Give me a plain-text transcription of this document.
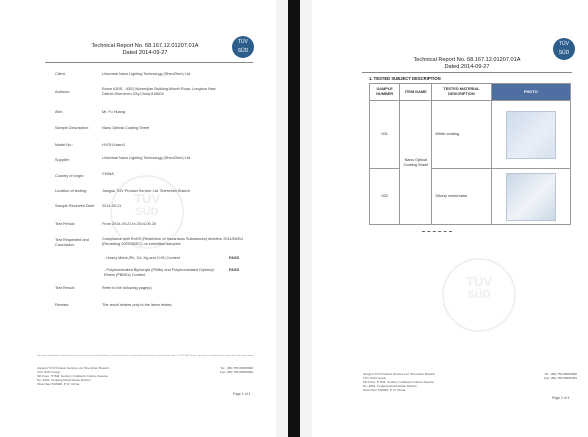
Technical Report No. 68.167.12.01207.01A
Dated 2014-09-27
TÜV
SÜD
TÜV
SÜD
Client:	Universal Nano Lighting Technology (ShenZhen) Ltd.
Address:
Room A305、A302,Nuisenjian Building,Minzhi Road, Longhua New District,Shenzhen City,China,518000
Attn:	Mr. Fu Huang
Sample Description:	Nano Optical Coating Sheet
Model No.:	HYGH-Nano1
Supplier:	Universal Nano Lighting Technology (ShenZhen) Ltd.
Country of origin:	CHINA
Location of testing:	Jiangsu TÜV Product Service Ltd. Shenzhen Branch
Sample Received Date: 2014-09-21
Test Period:	From 2014-09-21 to 2014-09-26
Test Requested and Conclusion:
Compliance with RoHS (Restriction of Hazardous Substances) directive 2011/65/EU (Recasting 2002/95/EC) on submitted samples
- Heavy Metal (Pb, Cd, Hg and CrVI) Content	PASS
- Polybrominated Biphenyls (PBBs) and Polybrominated Diphenyl Ethers (PBDEs) Content
PASS
Test Result:	Refer to the following page(s)
Remark:	The result relates only to the items tested.
No extract, abridgment or abstraction from a test report may be published or used to advertise a product without the written consent of the Client or TÜV SÜD Group. The results contained herein relate only to the items tested.
Jiangsu TÜV Product Service Ltd. Shenzhen Branch
TÜV SÜD Group
6th Floor, H Hall, Century Craftwork Culture Square,
No. 4001, Fuqiang Road,Futian District
Shenzhen 518048, P. R. China
Tel : (86) 755 88286998
Fax: (86) 755 88286399
Page 1 of 4
Technical Report No. 68.167.12.01207.01A
Dated 2014-09-27
TÜV
SÜD
1. TESTED SUBJECT DESCRIPTION
TÜV
SÜD
SAMPLE NUMBER	ITEM NAME	TESTED MATERIAL DESCRIPTION	PHOTO
001	Nano Optical Coating Sheet	White coating	

002		Silvery metal base	
Jiangsu TÜV Product Service Ltd. Shenzhen Branch
TÜV SÜD Group
6th Floor, H Hall, Century Craftwork Culture Square,
No. 4001, Fuqiang Road,Futian District
Shenzhen 518048, P. R. China
Tel : (86) 755 88286998
Fax: (86) 755 88286399
Page 2 of 4
